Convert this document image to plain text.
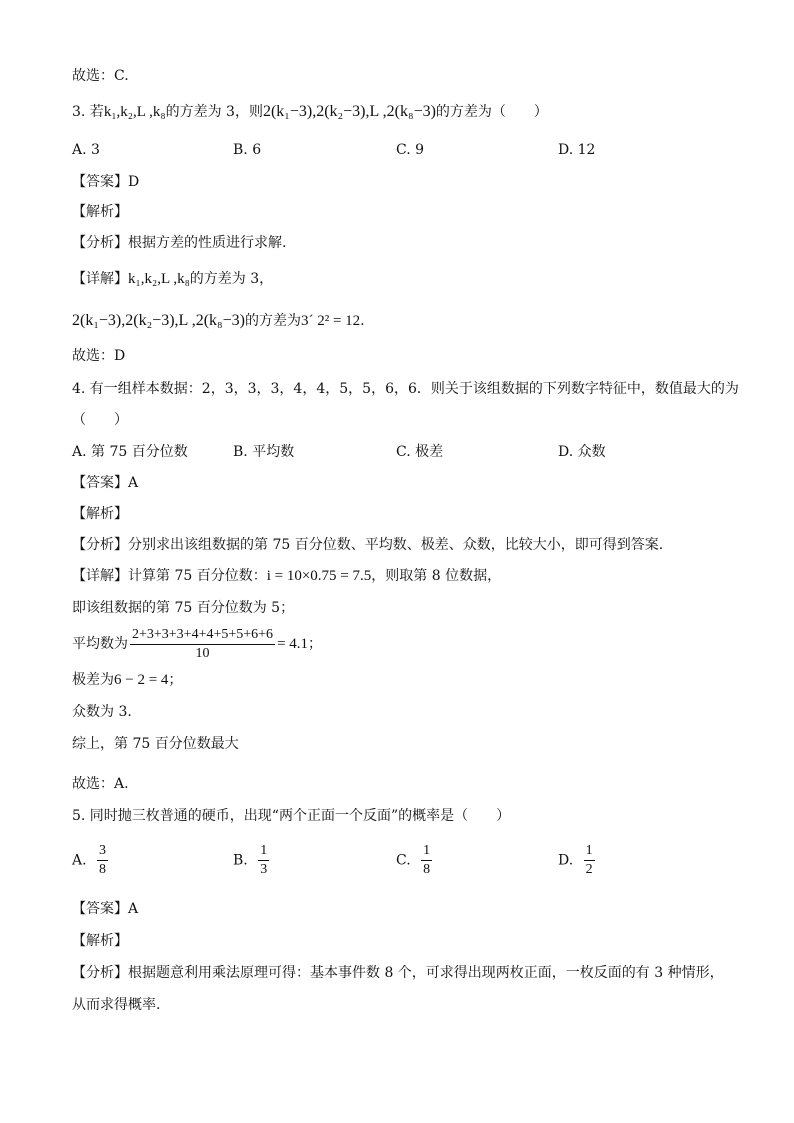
故选：C.
3. 若k₁,k₂,L ,k₈的方差为 3，则2(k₁−3),2(k₂−3),L ,2(k₈−3)的方差为（　　）
A. 3	B. 6	C. 9	D. 12
【答案】D
【解析】
【分析】根据方差的性质进行求解.
【详解】k₁,k₂,L ,k₈的方差为 3，
2(k₁−3),2(k₂−3),L ,2(k₈−3)的方差为3´ 2² = 12.
故选：D
4. 有一组样本数据：2，3，3，3，4，4，5，5，6，6．则关于该组数据的下列数字特征中，数值最大的为
（　　）
A. 第 75 百分位数	B. 平均数	C. 极差	D. 众数
【答案】A
【解析】
【分析】分别求出该组数据的第 75 百分位数、平均数、极差、众数，比较大小，即可得到答案.
【详解】计算第 75 百分位数：i = 10×0.75 = 7.5，则取第 8 位数据，
即该组数据的第 75 百分位数为 5；
平均数为 $\frac{2+3+3+3+4+4+5+5+6+6}{10} = 4.1$；
极差为6 − 2 = 4；
众数为 3.
综上，第 75 百分位数最大
故选：A.
5. 同时抛三枚普通的硬币，出现“两个正面一个反面”的概率是（　　）
A. $\frac{3}{8}$	B. $\frac{1}{3}$	C. $\frac{1}{8}$	D. $\frac{1}{2}$
【答案】A
【解析】
【分析】根据题意利用乘法原理可得：基本事件数 8 个，可求得出现两枚正面，一枚反面的有 3 种情形，
从而求得概率.
